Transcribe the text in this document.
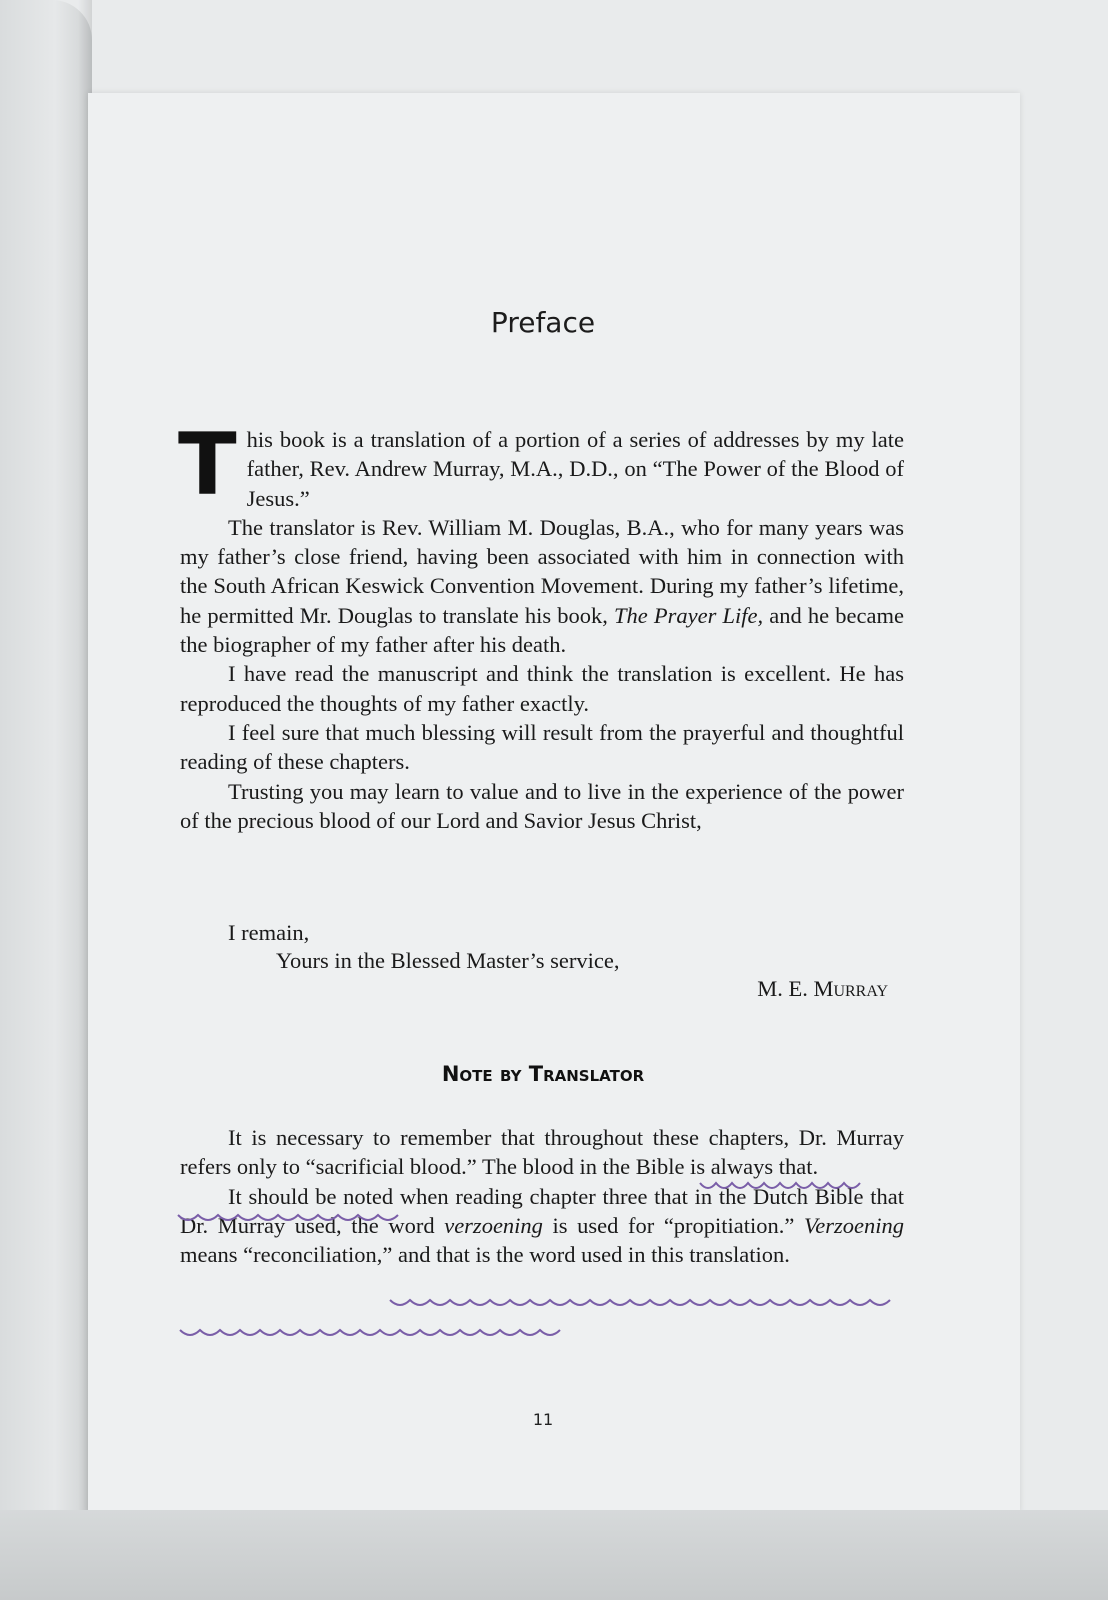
Preface

This book is a translation of a portion of a series of addresses by my late father, Rev. Andrew Murray, M.A., D.D., on “The Power of the Blood of Jesus.”

The translator is Rev. William M. Douglas, B.A., who for many years was my father’s close friend, having been associated with him in connection with the South African Keswick Convention Movement. During my father’s lifetime, he permitted Mr. Douglas to translate his book, The Prayer Life, and he became the biographer of my father after his death.

I have read the manuscript and think the translation is excellent. He has reproduced the thoughts of my father exactly.

I feel sure that much blessing will result from the prayerful and thoughtful reading of these chapters.

Trusting you may learn to value and to live in the experience of the power of the precious blood of our Lord and Savior Jesus Christ,

I remain,
Yours in the Blessed Master’s service,
M. E. Murray
Note by Translator

It is necessary to remember that throughout these chapters, Dr. Murray refers only to “sacrificial blood.” The blood in the Bible is always that.

It should be noted when reading chapter three that in the Dutch Bible that Dr. Murray used, the word verzoening is used for “propitiation.” Verzoening means “reconciliation,” and that is the word used in this translation.

11
